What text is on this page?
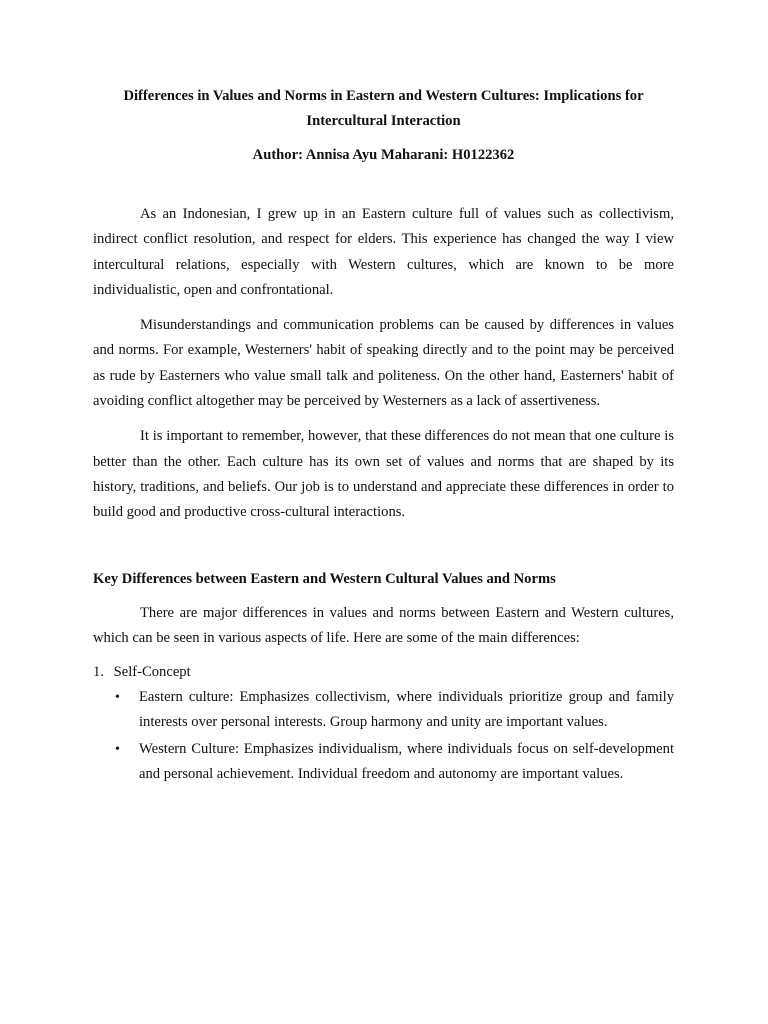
Differences in Values and Norms in Eastern and Western Cultures: Implications for Intercultural Interaction

Author: Annisa Ayu Maharani: H0122362

As an Indonesian, I grew up in an Eastern culture full of values such as collectivism, indirect conflict resolution, and respect for elders. This experience has changed the way I view intercultural relations, especially with Western cultures, which are known to be more individualistic, open and confrontational.

Misunderstandings and communication problems can be caused by differences in values and norms. For example, Westerners' habit of speaking directly and to the point may be perceived as rude by Easterners who value small talk and politeness. On the other hand, Easterners' habit of avoiding conflict altogether may be perceived by Westerners as a lack of assertiveness.

It is important to remember, however, that these differences do not mean that one culture is better than the other. Each culture has its own set of values and norms that are shaped by its history, traditions, and beliefs. Our job is to understand and appreciate these differences in order to build good and productive cross-cultural interactions.

Key Differences between Eastern and Western Cultural Values and Norms

There are major differences in values and norms between Eastern and Western cultures, which can be seen in various aspects of life. Here are some of the main differences:

1. Self-Concept
• Eastern culture: Emphasizes collectivism, where individuals prioritize group and family interests over personal interests. Group harmony and unity are important values.
• Western Culture: Emphasizes individualism, where individuals focus on self-development and personal achievement. Individual freedom and autonomy are important values.
